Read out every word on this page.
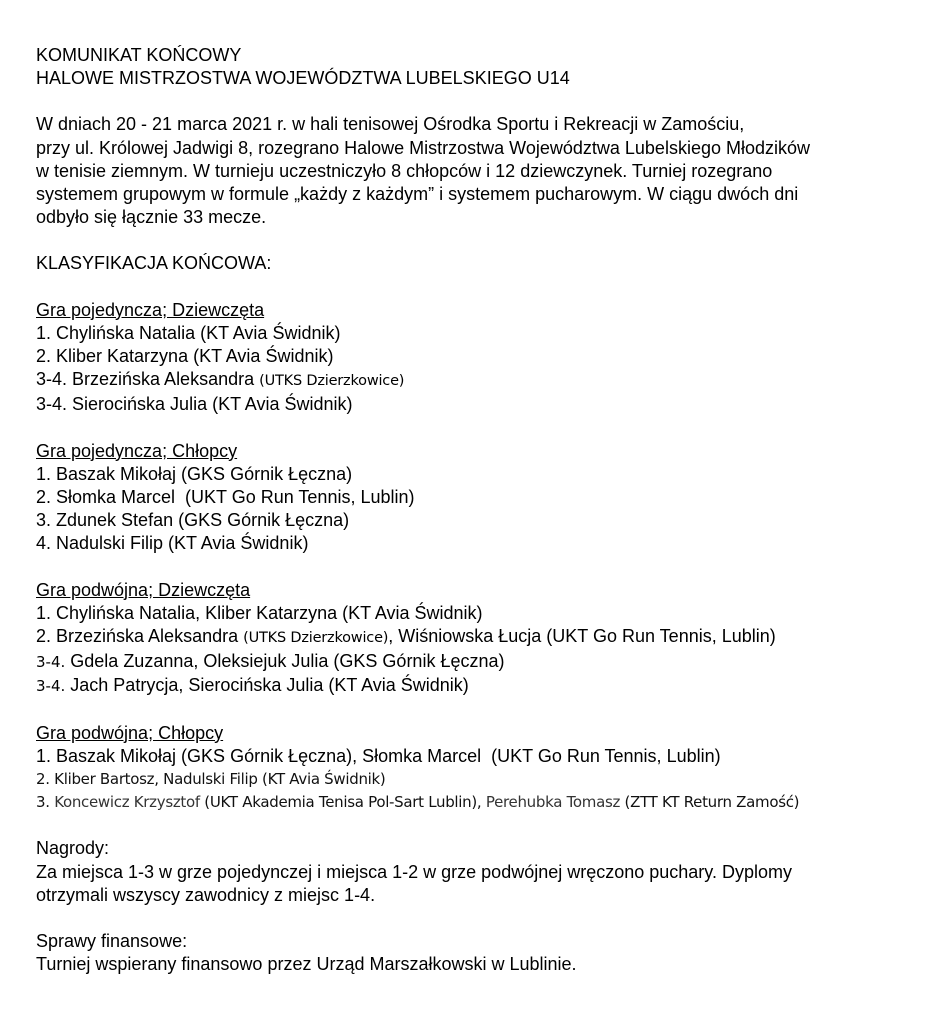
KOMUNIKAT KOŃCOWY
HALOWE MISTRZOSTWA WOJEWÓDZTWA LUBELSKIEGO U14
W dniach 20 - 21 marca 2021 r. w hali tenisowej Ośrodka Sportu i Rekreacji w Zamościu,
przy ul. Królowej Jadwigi 8, rozegrano Halowe Mistrzostwa Województwa Lubelskiego Młodzików
w tenisie ziemnym. W turnieju uczestniczyło 8 chłopców i 12 dziewczynek. Turniej rozegrano
systemem grupowym w formule „każdy z każdym” i systemem pucharowym. W ciągu dwóch dni
odbyło się łącznie 33 mecze.
KLASYFIKACJA KOŃCOWA:
Gra pojedyncza; Dziewczęta
1. Chylińska Natalia (KT Avia Świdnik)
2. Kliber Katarzyna (KT Avia Świdnik)
3-4. Brzezińska Aleksandra (UTKS Dzierzkowice)
3-4. Sierocińska Julia (KT Avia Świdnik)
Gra pojedyncza; Chłopcy
1. Baszak Mikołaj (GKS Górnik Łęczna)
2. Słomka Marcel  (UKT Go Run Tennis, Lublin)
3. Zdunek Stefan (GKS Górnik Łęczna)
4. Nadulski Filip (KT Avia Świdnik)
Gra podwójna; Dziewczęta
1. Chylińska Natalia, Kliber Katarzyna (KT Avia Świdnik)
2. Brzezińska Aleksandra (UTKS Dzierzkowice), Wiśniowska Łucja (UKT Go Run Tennis, Lublin)
3-4. Gdela Zuzanna, Oleksiejuk Julia (GKS Górnik Łęczna)
3-4. Jach Patrycja, Sierocińska Julia (KT Avia Świdnik)
Gra podwójna; Chłopcy
1. Baszak Mikołaj (GKS Górnik Łęczna), Słomka Marcel  (UKT Go Run Tennis, Lublin)
2. Kliber Bartosz, Nadulski Filip (KT Avia Świdnik)
3. Koncewicz Krzysztof (UKT Akademia Tenisa Pol-Sart Lublin), Perehubka Tomasz (ZTT KT Return Zamość)
Nagrody:
Za miejsca 1-3 w grze pojedynczej i miejsca 1-2 w grze podwójnej wręczono puchary. Dyplomy
otrzymali wszyscy zawodnicy z miejsc 1-4.
Sprawy finansowe:
Turniej wspierany finansowo przez Urząd Marszałkowski w Lublinie.
